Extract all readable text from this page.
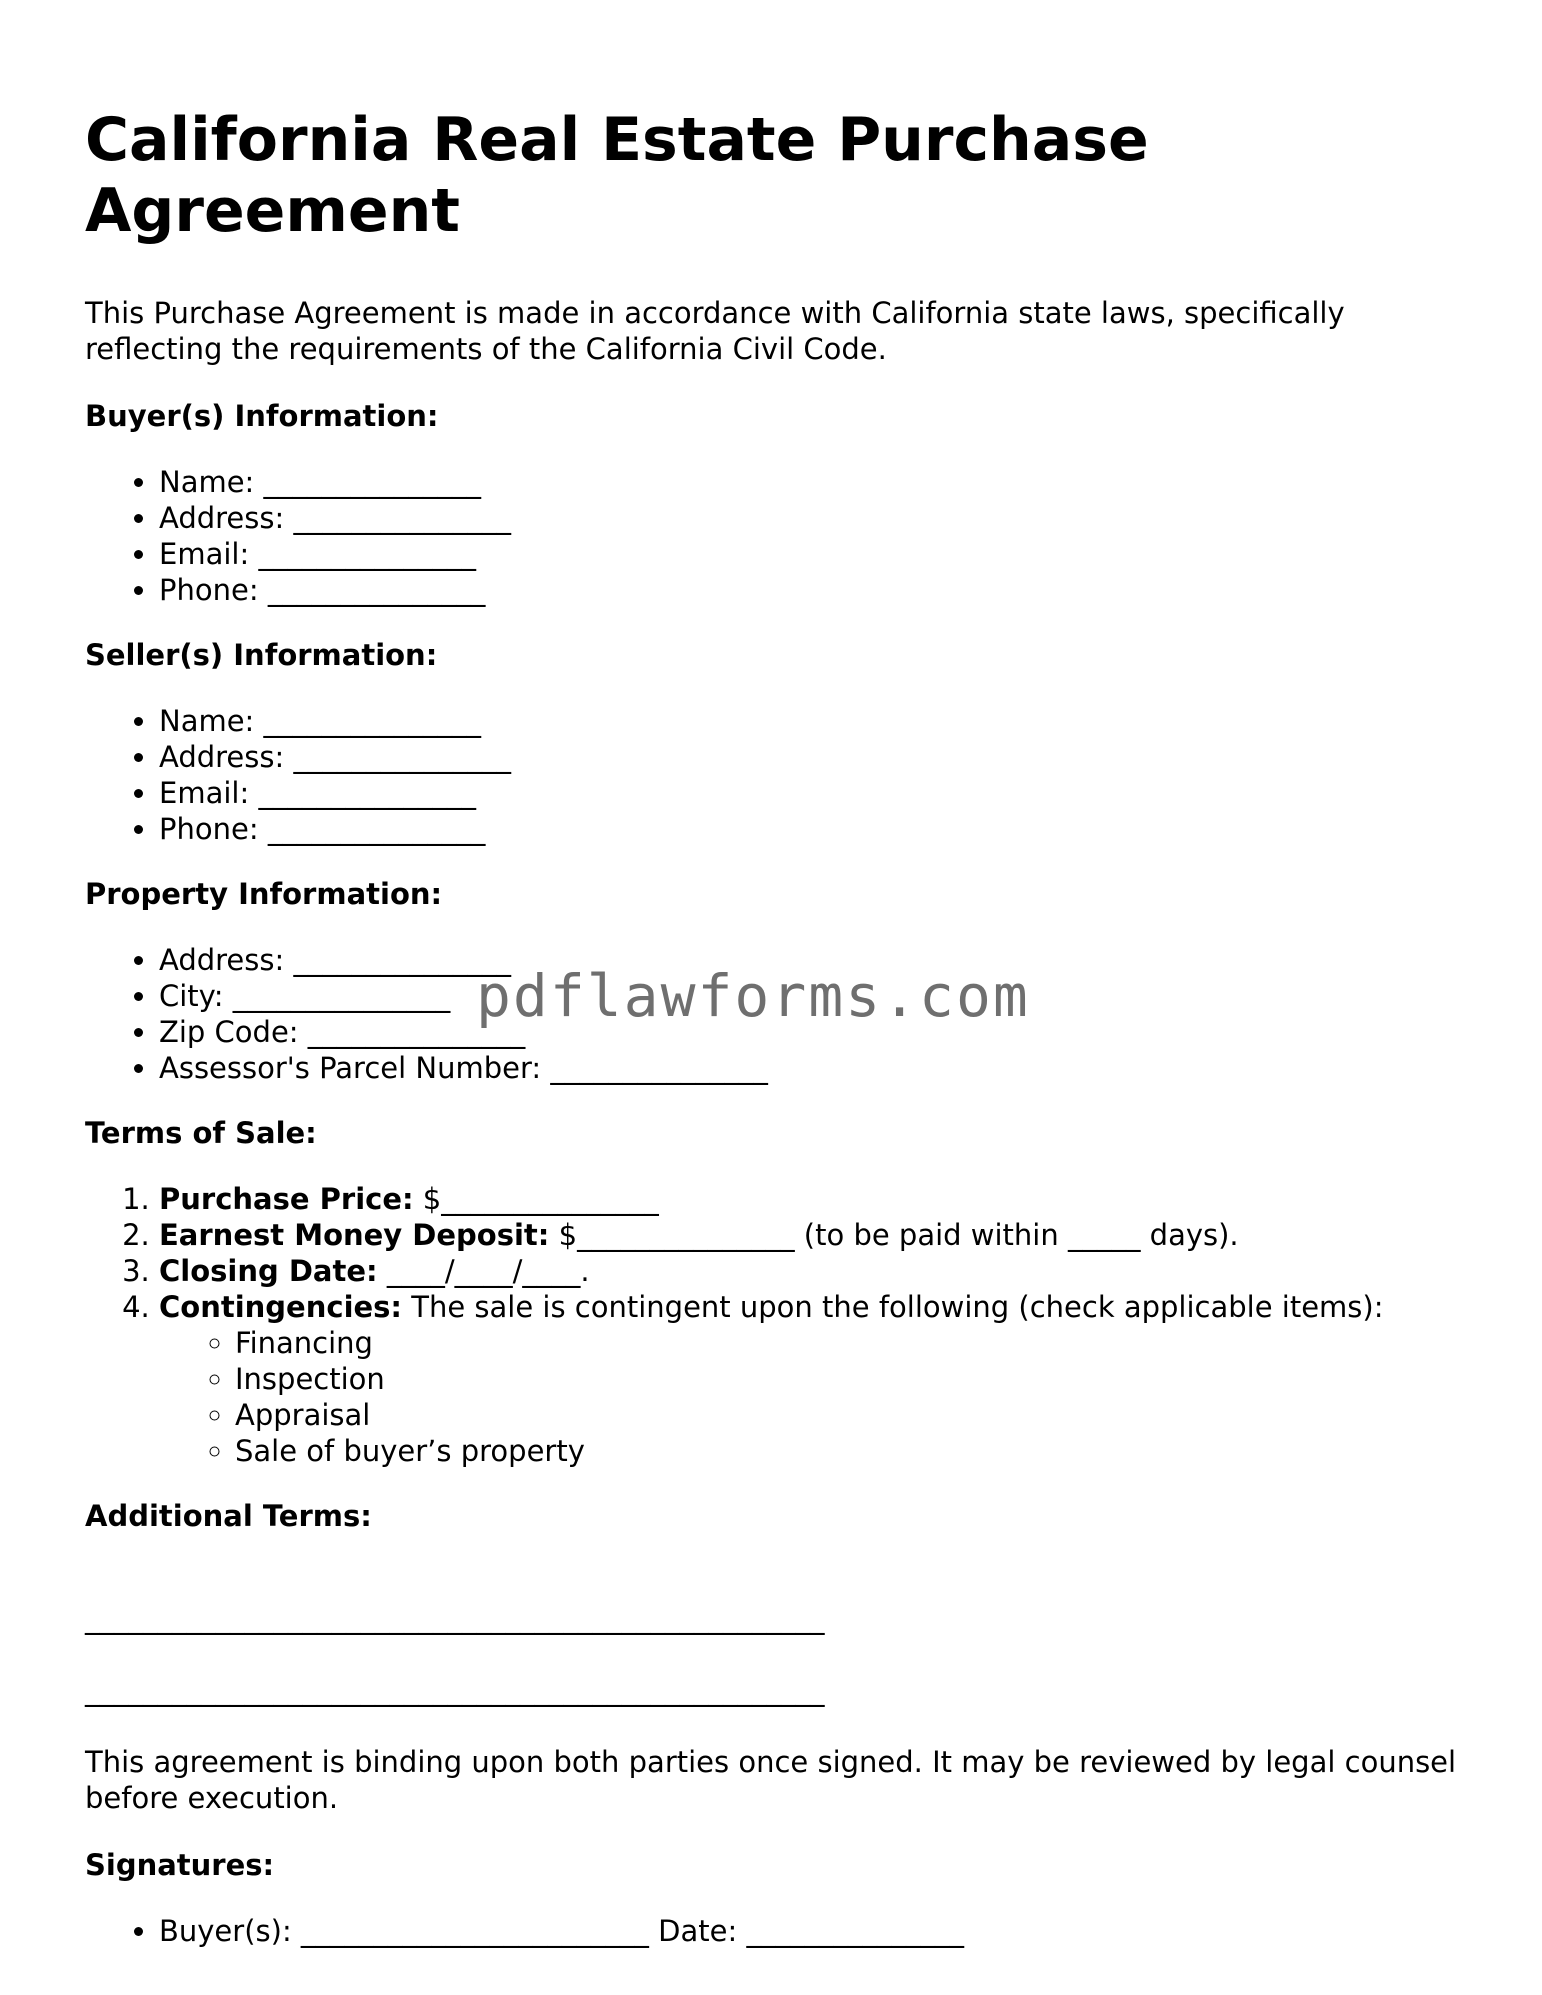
California Real Estate Purchase Agreement

This Purchase Agreement is made in accordance with California state laws, specifically reflecting the requirements of the California Civil Code.

Buyer(s) Information:
• Name: _______________
• Address: _______________
• Email: _______________
• Phone: _______________
Seller(s) Information:
• Name: _______________
• Address: _______________
• Email: _______________
• Phone: _______________
Property Information:
• Address: _______________
• City: _______________
• Zip Code: _______________
• Assessor's Parcel Number: _______________
Terms of Sale:
1. Purchase Price: $_______________
2. Earnest Money Deposit: $_______________ (to be paid within _____ days).
3. Closing Date: ____/____/____.
4. Contingencies: The sale is contingent upon the following (check applicable items):
◦ Financing
◦ Inspection
◦ Appraisal
◦ Sale of buyer’s property
Additional Terms:
___________________________________________________
___________________________________________________

This agreement is binding upon both parties once signed. It may be reviewed by legal counsel before execution.

Signatures:
• Buyer(s): ________________________ Date: _______________
pdflawforms.com
